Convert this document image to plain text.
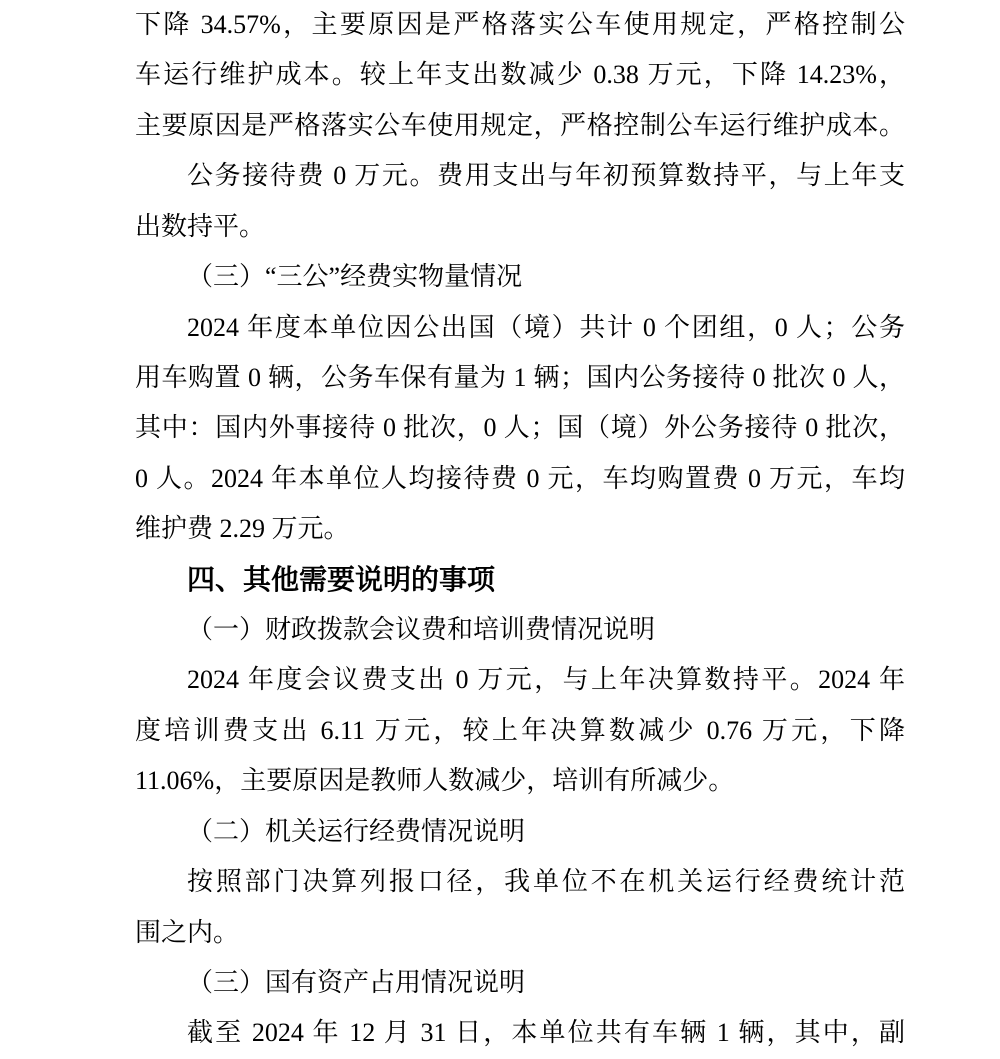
下降 34.57%，主要原因是严格落实公车使用规定，严格控制公

车运行维护成本。较上年支出数减少 0.38 万元，下降 14.23%，

主要原因是严格落实公车使用规定，严格控制公车运行维护成本。

公务接待费 0 万元。费用支出与年初预算数持平，与上年支

出数持平。

（三）“三公”经费实物量情况

2024 年度本单位因公出国（境）共计 0 个团组，0 人；公务

用车购置 0 辆，公务车保有量为 1 辆；国内公务接待 0 批次 0 人，

其中：国内外事接待 0 批次，0 人；国（境）外公务接待 0 批次，

0 人。2024 年本单位人均接待费 0 元，车均购置费 0 万元，车均

维护费 2.29 万元。

四、其他需要说明的事项

（一）财政拨款会议费和培训费情况说明

2024 年度会议费支出 0 万元，与上年决算数持平。2024 年

度培训费支出 6.11 万元，较上年决算数减少 0.76 万元，下降

11.06%，主要原因是教师人数减少，培训有所减少。

（二）机关运行经费情况说明

按照部门决算列报口径，我单位不在机关运行经费统计范

围之内。

（三）国有资产占用情况说明

截至 2024 年 12 月 31 日，本单位共有车辆 1 辆，其中，副
